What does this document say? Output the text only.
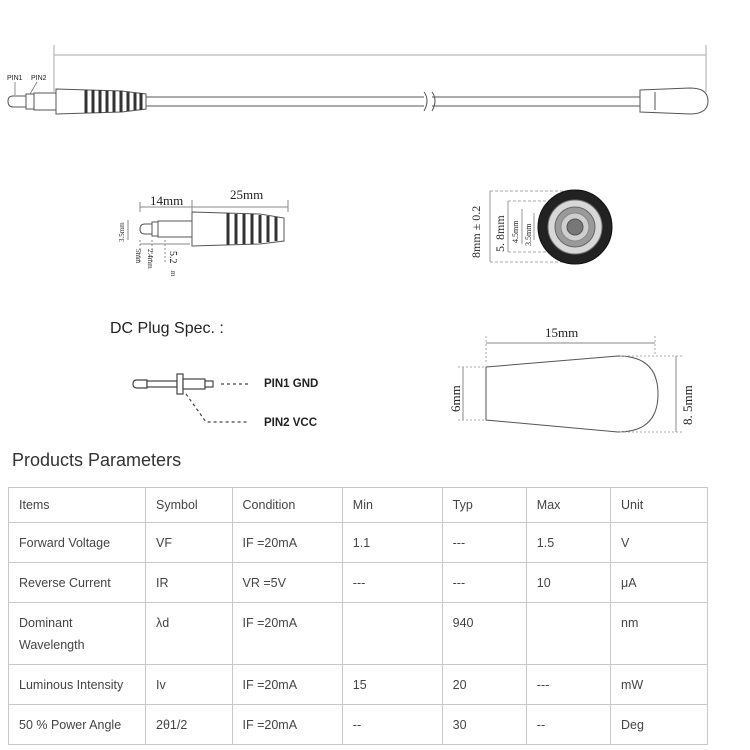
PIN1 PIN2
14mm	25mm
3.5mm
5mm 2.4mm 5.2
m
8mm ± 0.2 5. 8mm 4.5mm 3.5mm
DC Plug Spec. :
PIN1 GND
PIN2 VCC
15mm
6mm	8. 5mm
Products Parameters
Items	Symbol	Condition	Min	Typ	Max	Unit
Forward Voltage	VF	IF =20mA	1.1	---	1.5	V
Reverse Current	IR	VR =5V	---	---	10	μA
Dominant Wavelength	λd	IF =20mA		940		nm
Luminous Intensity	Iv	IF =20mA	15	20	---	mW
50 % Power Angle	2θ1/2	IF =20mA	--	30	--	Deg
